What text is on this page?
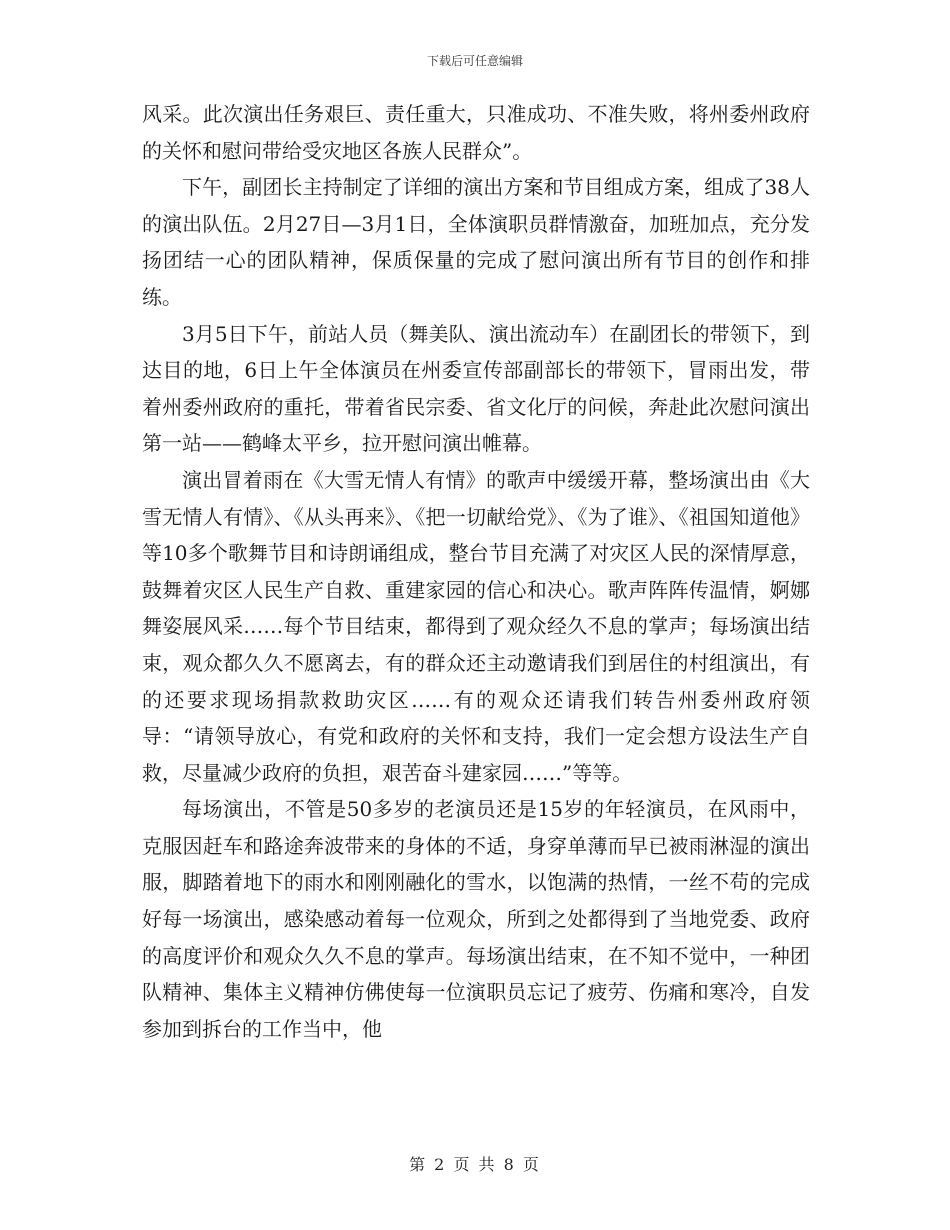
下载后可任意编辑

风采。此次演出任务艰巨、责任重大，只准成功、不准失败，将州委州政府的关怀和慰问带给受灾地区各族人民群众”。

下午，副团长主持制定了详细的演出方案和节目组成方案，组成了38人的演出队伍。2月27日—3月1日，全体演职员群情激奋，加班加点，充分发扬团结一心的团队精神，保质保量的完成了慰问演出所有节目的创作和排练。

3月5日下午，前站人员（舞美队、演出流动车）在副团长的带领下，到达目的地，6日上午全体演员在州委宣传部副部长的带领下，冒雨出发，带着州委州政府的重托，带着省民宗委、省文化厅的问候，奔赴此次慰问演出第一站——鹤峰太平乡，拉开慰问演出帷幕。

演出冒着雨在《大雪无情人有情》的歌声中缓缓开幕，整场演出由《大雪无情人有情》、《从头再来》、《把一切献给党》、《为了谁》、《祖国知道他》等10多个歌舞节目和诗朗诵组成，整台节目充满了对灾区人民的深情厚意，鼓舞着灾区人民生产自救、重建家园的信心和决心。歌声阵阵传温情，婀娜舞姿展风采……每个节目结束，都得到了观众经久不息的掌声；每场演出结束，观众都久久不愿离去，有的群众还主动邀请我们到居住的村组演出，有的还要求现场捐款救助灾区……有的观众还请我们转告州委州政府领导：“请领导放心，有党和政府的关怀和支持，我们一定会想方设法生产自救，尽量减少政府的负担，艰苦奋斗建家园……”等等。

每场演出，不管是50多岁的老演员还是15岁的年轻演员，在风雨中，克服因赶车和路途奔波带来的身体的不适，身穿单薄而早已被雨淋湿的演出服，脚踏着地下的雨水和刚刚融化的雪水，以饱满的热情，一丝不苟的完成好每一场演出，感染感动着每一位观众，所到之处都得到了当地党委、政府的高度评价和观众久久不息的掌声。每场演出结束，在不知不觉中，一种团队精神、集体主义精神仿佛使每一位演职员忘记了疲劳、伤痛和寒冷，自发参加到拆台的工作当中，他

第 2 页 共 8 页
